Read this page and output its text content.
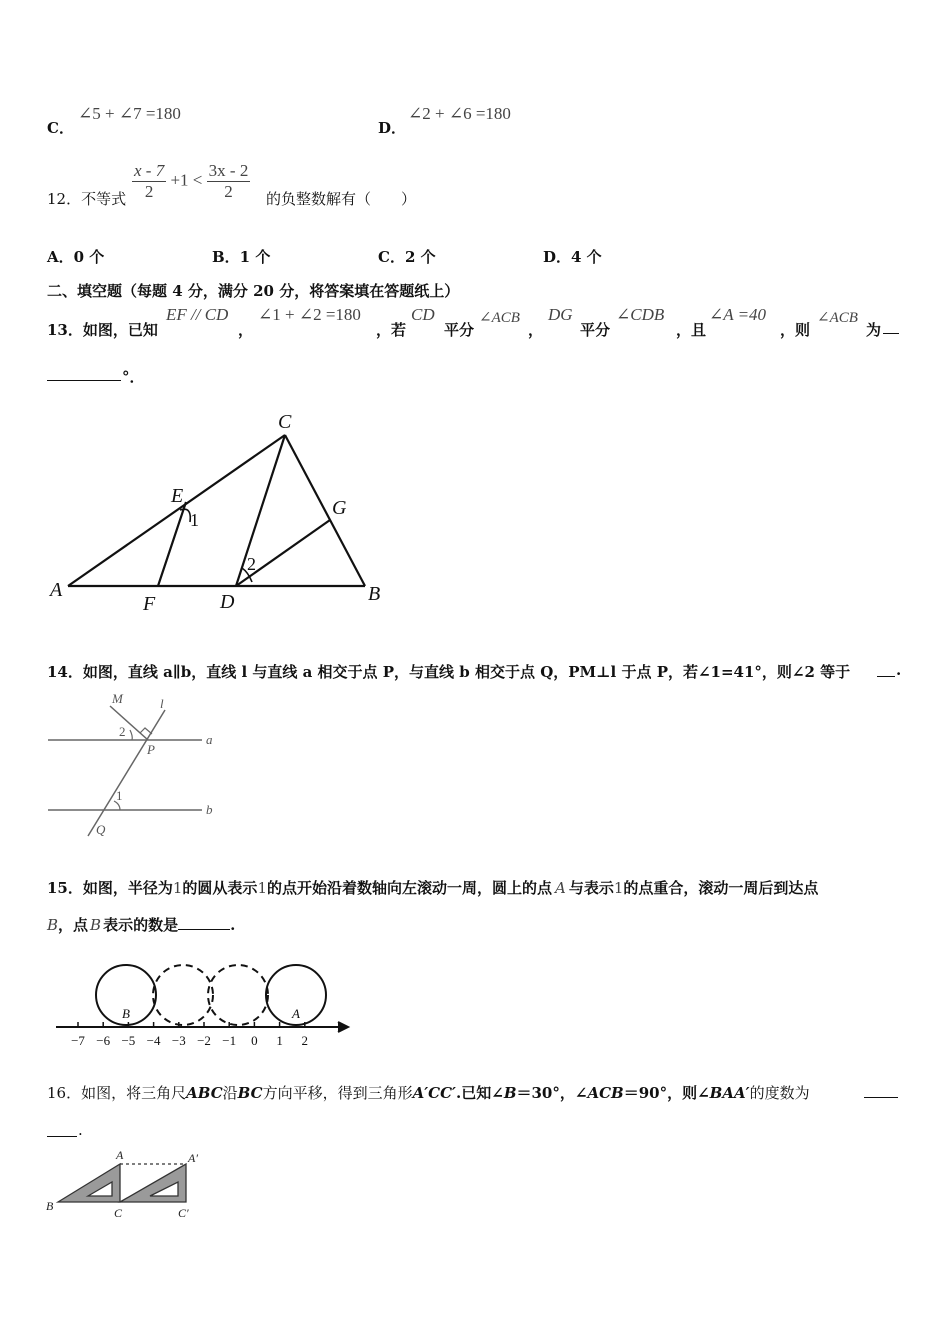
C．
∠5 + ∠7 =180
D．
∠2 + ∠6 =180
12．不等式 $\frac{x - 7}{2} +1 < \frac{3x - 2}{2}$ 的负整数解有（　　）
A．0 个	B．1 个	C．2 个	D．4 个
二、填空题（每题 4 分，满分 20 分，将答案填在答题纸上）
13．如图，已知
EF // CD
，
∠1 + ∠2 =180
，若
CD
平分
∠ACB
，
DG
平分
∠CDB
，且
∠A =40
，则
∠ACB
为
°．
A	B
C
D
E
F
G
1
2
14．如图，直线 a∥b，直线 l 与直线 a 相交于点 P，与直线 b 相交于点 Q，PM⊥l 于点 P，若∠1=41°，则∠2 等于	.
M	l
a
b
P
Q
1
2
15．如图，半径为1的圆从表示1的点开始沿着数轴向左滚动一周，圆上的点 A 与表示1的点重合，滚动一周后到达点
B，点 B 表示的数是	.
−7 −6 −5 −4 −3 −2 −1 0 1 2
B	A
16．如图，将三角尺ABC沿BC方向平移，得到三角形A′CC′.已知∠B＝30°，∠ACB＝90°，则∠BAA′的度数为
.
A	A′
B	C	C′
